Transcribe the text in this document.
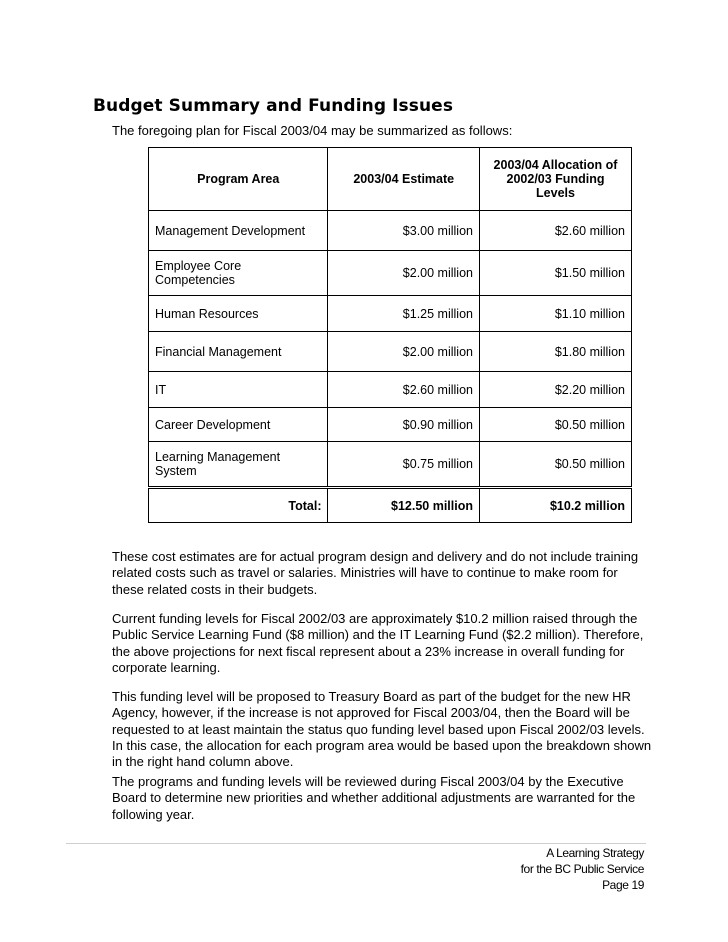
Budget Summary and Funding Issues
The foregoing plan for Fiscal 2003/04 may be summarized as follows:
Program Area	2003/04 Estimate	2003/04 Allocation of 2002/03 Funding Levels
Management Development	$3.00 million	$2.60 million
Employee Core Competencies	$2.00 million	$1.50 million
Human Resources	$1.25 million	$1.10 million
Financial Management	$2.00 million	$1.80 million
IT	$2.60 million	$2.20 million
Career Development	$0.90 million	$0.50 million
Learning Management System	$0.75 million	$0.50 million
Total:	$12.50 million	$10.2 million
These cost estimates are for actual program design and delivery and do not include training related costs such as travel or salaries. Ministries will have to continue to make room for these related costs in their budgets.
Current funding levels for Fiscal 2002/03 are approximately $10.2 million raised through the Public Service Learning Fund ($8 million) and the IT Learning Fund ($2.2 million). Therefore, the above projections for next fiscal represent about a 23% increase in overall funding for corporate learning.
This funding level will be proposed to Treasury Board as part of the budget for the new HR Agency, however, if the increase is not approved for Fiscal 2003/04, then the Board will be requested to at least maintain the status quo funding level based upon Fiscal 2002/03 levels. In this case, the allocation for each program area would be based upon the breakdown shown in the right hand column above.
The programs and funding levels will be reviewed during Fiscal 2003/04 by the Executive Board to determine new priorities and whether additional adjustments are warranted for the following year.
A Learning Strategy
for the BC Public Service
Page 19
